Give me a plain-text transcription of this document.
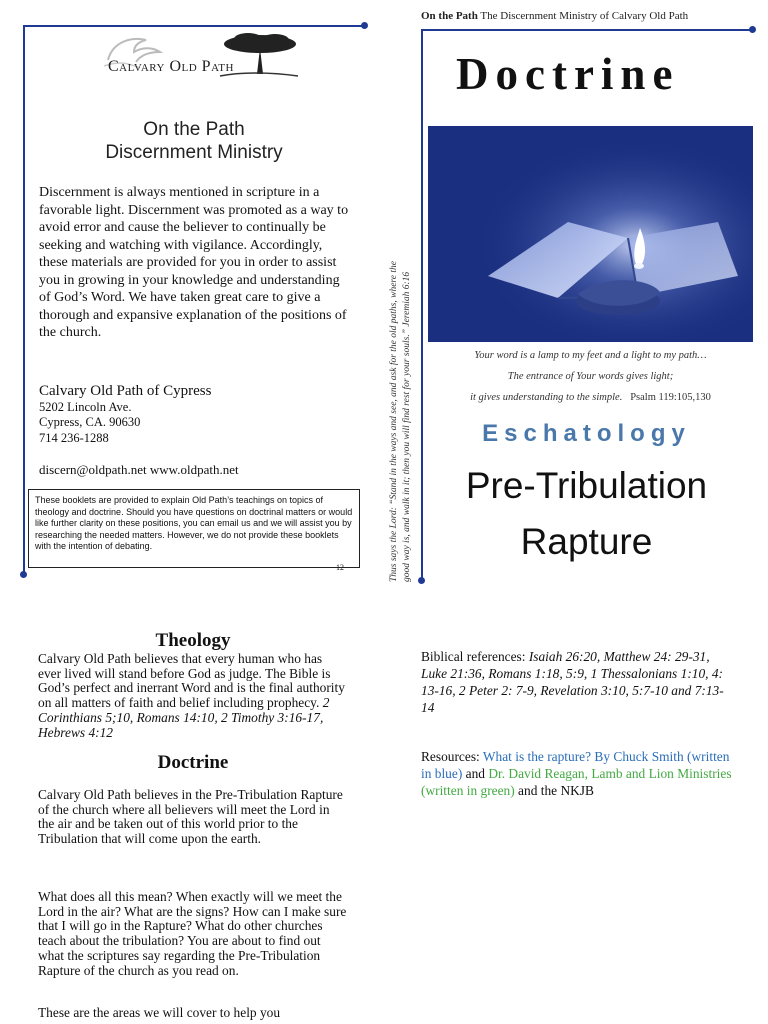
Calvary Old Path
On the Path
Discernment Ministry
Discernment is always mentioned in scripture in a favorable light. Discernment was promoted as a way to avoid error and cause the believer to continually be seeking and watching with vigilance. Accordingly, these materials are provided for you in order to assist you in growing in your knowledge and understanding of God’s Word. We have taken great care to give a thorough and expansive explanation of the positions of the church.
Calvary Old Path of Cypress
5202 Lincoln Ave.
Cypress, CA. 90630
714 236-1288
discern@oldpath.net www.oldpath.net
These booklets are provided to explain Old Path’s teachings on topics of theology and doctrine. Should you have questions on doctrinal matters or would like further clarity on these positions, you can email us and we will assist you by researching the needed matters. However, we do not provide these booklets with the intention of debating.
12	Thus says the Lord: “Stand in the ways and see, and ask for the old paths, where the good way is, and walk in it; then you will find rest for your souls.” Jeremiah 6:16
On the Path The Discernment Ministry of Calvary Old Path
Doctrine
Your word is a lamp to my feet and a light to my path…
The entrance of Your words gives light;
it gives understanding to the simple. Psalm 119:105,130
Eschatology
Pre-Tribulation
Rapture
Theology
Calvary Old Path believes that every human who has ever lived will stand before God as judge. The Bible is God’s perfect and inerrant Word and is the final authority on all matters of faith and belief including prophecy. 2 Corinthians 5;10, Romans 14:10, 2 Timothy 3:16-17, Hebrews 4:12
Doctrine
Calvary Old Path believes in the Pre-Tribulation Rapture of the church where all believers will meet the Lord in the air and be taken out of this world prior to the Tribulation that will come upon the earth.
What does all this mean? When exactly will we meet the Lord in the air? What are the signs? How can I make sure that I will go in the Rapture? What do other churches teach about the tribulation? You are about to find out what the scriptures say regarding the Pre-Tribulation Rapture of the church as you read on.
These are the areas we will cover to help you
Biblical references: Isaiah 26:20, Matthew 24: 29-31, Luke 21:36, Romans 1:18, 5:9, 1 Thessalonians 1:10, 4: 13-16, 2 Peter 2: 7-9, Revelation 3:10, 5:7-10 and 7:13-14
Resources: What is the rapture? By Chuck Smith (written in blue) and Dr. David Reagan, Lamb and Lion Ministries (written in green) and the NKJB
